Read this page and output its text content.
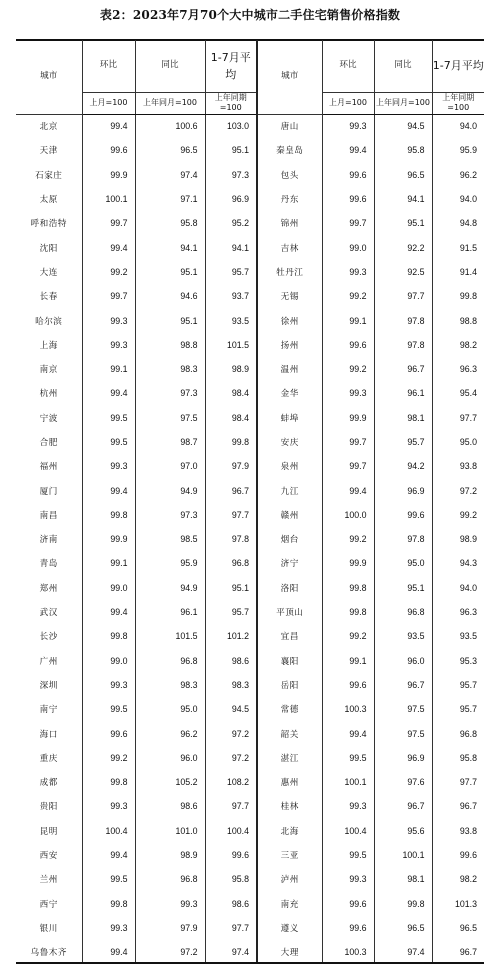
表2：2023年7月70个大中城市二手住宅销售价格指数
城市	环比	同比	1-7月平均	城市	环比	同比	1-7月平均
	上月=100	上年同月=100	上年同期=100		上月=100	上年同月=100	上年同期=100
北京	99.4	100.6	103.0	唐山	99.3	94.5	94.0
天津	99.6	96.5	95.1	秦皇岛	99.4	95.8	95.9
石家庄	99.9	97.4	97.3	包头	99.6	96.5	96.2
太原	100.1	97.1	96.9	丹东	99.6	94.1	94.0
呼和浩特	99.7	95.8	95.2	锦州	99.7	95.1	94.8
沈阳	99.4	94.1	94.1	吉林	99.0	92.2	91.5
大连	99.2	95.1	95.7	牡丹江	99.3	92.5	91.4
长春	99.7	94.6	93.7	无锡	99.2	97.7	99.8
哈尔滨	99.3	95.1	93.5	徐州	99.1	97.8	98.8
上海	99.3	98.8	101.5	扬州	99.6	97.8	98.2
南京	99.1	98.3	98.9	温州	99.2	96.7	96.3
杭州	99.4	97.3	98.4	金华	99.3	96.1	95.4
宁波	99.5	97.5	98.4	蚌埠	99.9	98.1	97.7
合肥	99.5	98.7	99.8	安庆	99.7	95.7	95.0
福州	99.3	97.0	97.9	泉州	99.7	94.2	93.8
厦门	99.4	94.9	96.7	九江	99.4	96.9	97.2
南昌	99.8	97.3	97.7	赣州	100.0	99.6	99.2
济南	99.9	98.5	97.8	烟台	99.2	97.8	98.9
青岛	99.1	95.9	96.8	济宁	99.9	95.0	94.3
郑州	99.0	94.9	95.1	洛阳	99.8	95.1	94.0
武汉	99.4	96.1	95.7	平顶山	99.8	96.8	96.3
长沙	99.8	101.5	101.2	宜昌	99.2	93.5	93.5
广州	99.0	96.8	98.6	襄阳	99.1	96.0	95.3
深圳	99.3	98.3	98.3	岳阳	99.6	96.7	95.7
南宁	99.5	95.0	94.5	常德	100.3	97.5	95.7
海口	99.6	96.2	97.2	韶关	99.4	97.5	96.8
重庆	99.2	96.0	97.2	湛江	99.5	96.9	95.8
成都	99.8	105.2	108.2	惠州	100.1	97.6	97.7
贵阳	99.3	98.6	97.7	桂林	99.3	96.7	96.7
昆明	100.4	101.0	100.4	北海	100.4	95.6	93.8
西安	99.4	98.9	99.6	三亚	99.5	100.1	99.6
兰州	99.5	96.8	95.8	泸州	99.3	98.1	98.2
西宁	99.8	99.3	98.6	南充	99.6	99.8	101.3
银川	99.3	97.9	97.7	遵义	99.6	96.5	96.5
乌鲁木齐	99.4	97.2	97.4	大理	100.3	97.4	96.7
